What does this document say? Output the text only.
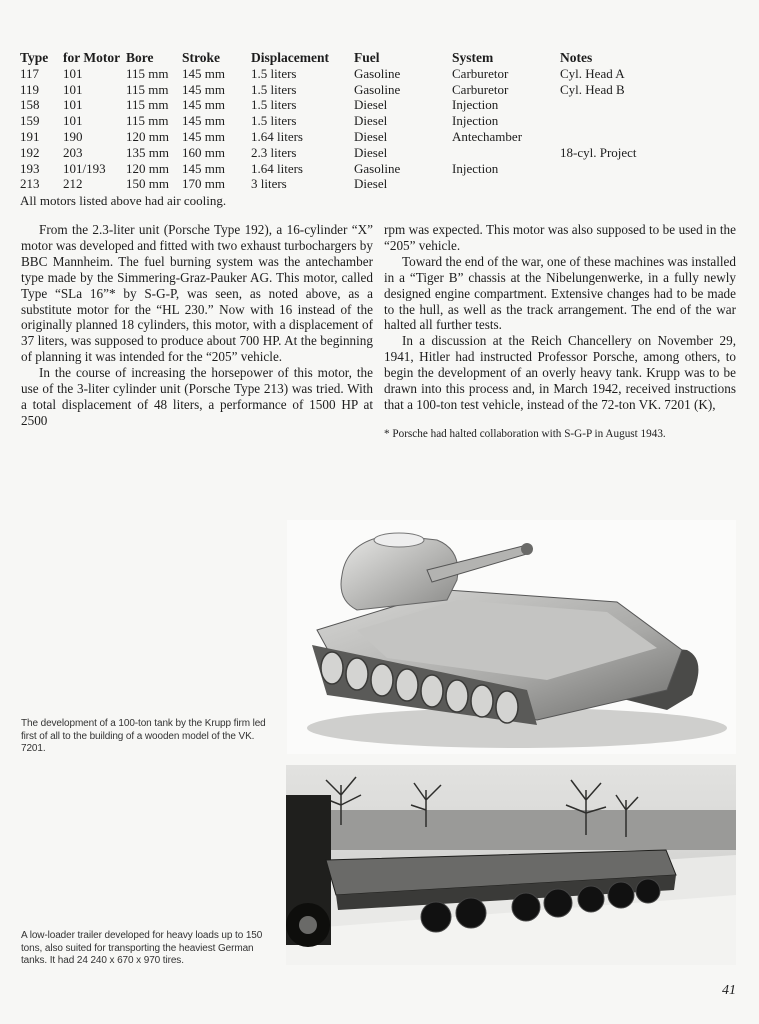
Type	for Motor	Bore	Stroke	Displacement	Fuel	System	Notes
117	101	115 mm	145 mm	1.5 liters	Gasoline	Carburetor	Cyl. Head A
119	101	115 mm	145 mm	1.5 liters	Gasoline	Carburetor	Cyl. Head B
158	101	115 mm	145 mm	1.5 liters	Diesel	Injection	
159	101	115 mm	145 mm	1.5 liters	Diesel	Injection	
191	190	120 mm	145 mm	1.64 liters	Diesel	Antechamber	
192	203	135 mm	160 mm	2.3 liters	Diesel		18-cyl. Project
193	101/193	120 mm	145 mm	1.64 liters	Gasoline	Injection	
213	212	150 mm	170 mm	3 liters	Diesel		
All motors listed above had air cooling.

From the 2.3-liter unit (Porsche Type 192), a 16-cylinder “X” motor was developed and fitted with two exhaust turbochargers by BBC Mannheim. The fuel burning system was the antechamber type made by the Simmering-Graz-Pauker AG. This motor, called Type “SLa 16”* by S-G-P, was seen, as noted above, as a substitute motor for the “HL 230.” Now with 16 instead of the originally planned 18 cylinders, this motor, with a displacement of 37 liters, was supposed to produce about 700 HP. At the beginning of planning it was intended for the “205” vehicle.

In the course of increasing the horsepower of this motor, the use of the 3-liter cylinder unit (Porsche Type 213) was tried. With a total displacement of 48 liters, a performance of 1500 HP at 2500

rpm was expected. This motor was also supposed to be used in the “205” vehicle.

Toward the end of the war, one of these machines was installed in a “Tiger B” chassis at the Nibelungenwerke, in a fully newly designed engine compartment. Extensive changes had to be made to the hull, as well as the track arrangement. The end of the war halted all further tests.

In a discussion at the Reich Chancellery on November 29, 1941, Hitler had instructed Professor Porsche, among others, to begin the development of an overly heavy tank. Krupp was to be drawn into this process and, in March 1942, received instructions that a 100-ton test vehicle, instead of the 72-ton VK. 7201 (K),

* Porsche had halted collaboration with S-G-P in August 1943.
The development of a 100-ton tank by the Krupp firm led first of all to the building of a wooden model of the VK. 7201.
A low-loader trailer developed for heavy loads up to 150 tons, also suited for transporting the heaviest German tanks. It had 24 240 x 670 x 970 tires.
41
